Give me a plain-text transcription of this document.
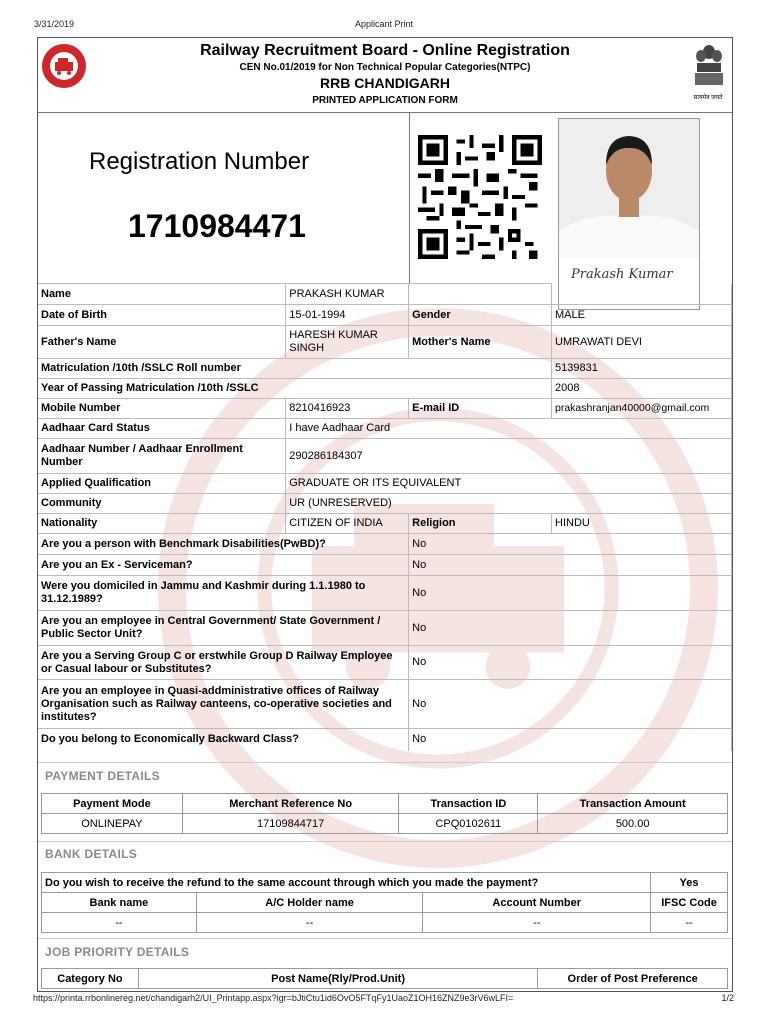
3/31/2019	Applicant Print
https://printa.rrbonlinereg.net/chandigarh2/UI_Printapp.aspx?igr=bJtiCtu1id6OvO5FTqFy1UaoZ1OH16ZNZ9e3rV6wLFI=	1/2
Railway Recruitment Board - Online Registration
CEN No.01/2019 for Non Technical Popular Categories(NTPC)
RRB CHANDIGARH
PRINTED APPLICATION FORM	सत्यमेव जयते
Registration Number
1710984471
Prakash Kumar
Name	PRAKASH KUMAR		
Date of Birth	15-01-1994	Gender	MALE
Father's Name	HARESH KUMAR SINGH	Mother's Name	UMRAWATI DEVI
Matriculation /10th /SSLC Roll number			5139831
Year of Passing Matriculation /10th /SSLC			2008
Mobile Number	8210416923	E-mail ID	prakashranjan40000@gmail.com
Aadhaar Card Status	I have Aadhaar Card		
Aadhaar Number / Aadhaar Enrollment Number	290286184307		
Applied Qualification	GRADUATE OR ITS EQUIVALENT		
Community	UR (UNRESERVED)		
Nationality	CITIZEN OF INDIA	Religion	HINDU
Are you a person with Benchmark Disabilities(PwBD)?		No	
Are you an Ex - Serviceman?		No	
Were you domiciled in Jammu and Kashmir during 1.1.1980 to 31.12.1989?		No	
Are you an employee in Central Government/ State Government / Public Sector Unit?		No	
Are you a Serving Group C or erstwhile Group D Railway Employee or Casual labour or Substitutes?		No	
Are you an employee in Quasi-addministrative offices of Railway Organisation such as Railway canteens, co-operative societies and institutes?		No	
Do you belong to Economically Backward Class?		No	
PAYMENT DETAILS
Payment Mode	Merchant Reference No	Transaction ID	Transaction Amount
ONLINEPAY	17109844717	CPQ0102611	500.00
BANK DETAILS
Do you wish to receive the refund to the same account through which you made the payment?			Yes
Bank name	A/C Holder name	Account Number	IFSC Code
--	--	--	--
JOB PRIORITY DETAILS
Category No	Post Name(Rly/Prod.Unit)	Order of Post Preference
